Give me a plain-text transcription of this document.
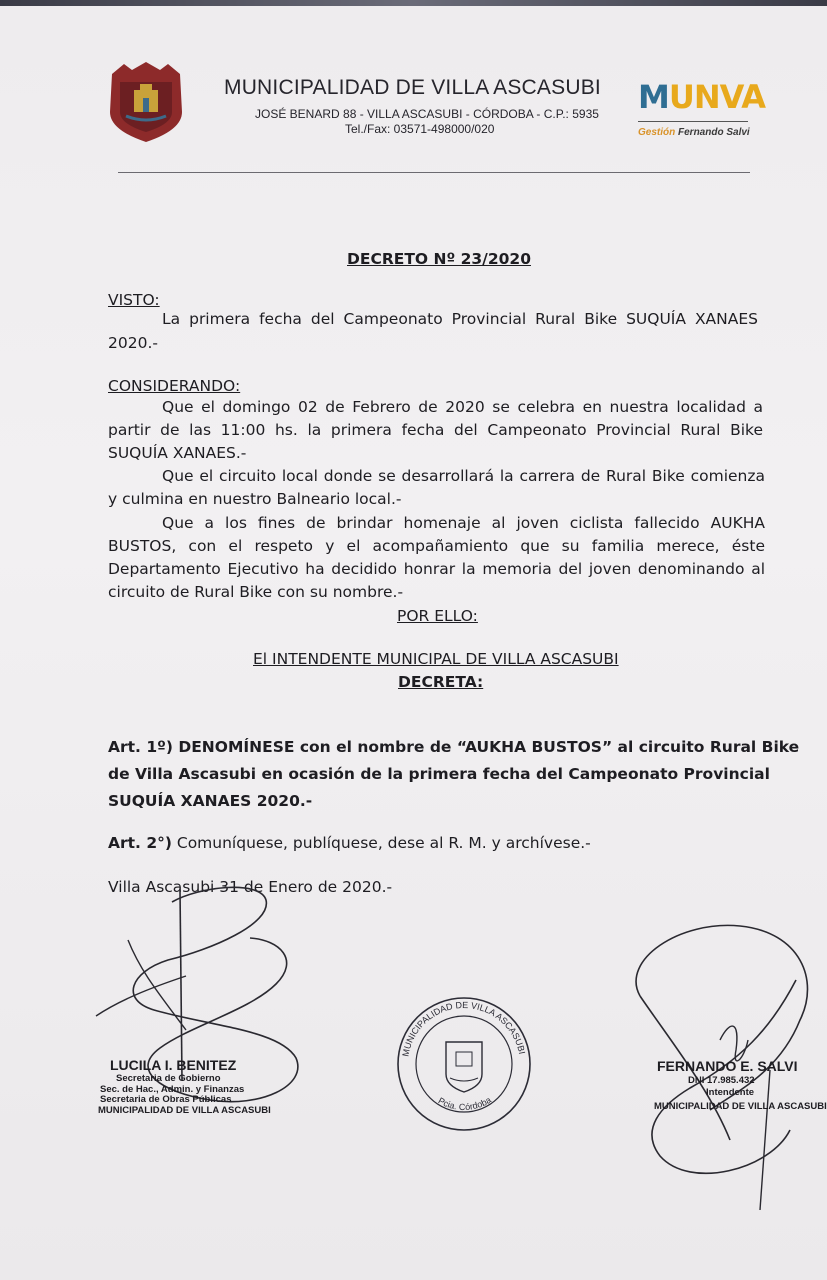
MUNICIPALIDAD DE VILLA ASCASUBI
JOSÉ BENARD 88 - VILLA ASCASUBI - CÓRDOBA - C.P.: 5935
Tel./Fax: 03571-498000/020
MUNVA
Gestión Fernando Salvi
DECRETO Nº 23/2020
VISTO:
La primera fecha del Campeonato Provincial Rural Bike SUQUÍA XANAES
2020.-
CONSIDERANDO:
Que el domingo 02 de Febrero de 2020 se celebra en nuestra localidad a
partir de las 11:00 hs. la primera fecha del Campeonato Provincial Rural Bike
SUQUÍA XANAES.-
Que el circuito local donde se desarrollará la carrera de Rural Bike comienza
y culmina en nuestro Balneario local.-
Que a los fines de brindar homenaje al joven ciclista fallecido AUKHA
BUSTOS, con el respeto y el acompañamiento que su familia merece, éste
Departamento Ejecutivo ha decidido honrar la memoria del joven denominando al
circuito de Rural Bike con su nombre.-
POR ELLO:
El INTENDENTE MUNICIPAL DE VILLA ASCASUBI
DECRETA:
Art. 1º) DENOMÍNESE con el nombre de “AUKHA BUSTOS” al circuito Rural Bike
de Villa Ascasubi en ocasión de la primera fecha del Campeonato Provincial
SUQUÍA XANAES 2020.-
Art. 2°) Comuníquese, publíquese, dese al R. M. y archívese.-
Villa Ascasubi 31 de Enero de 2020.-
LUCILA I. BENITEZ
Secretaria de Gobierno
Sec. de Hac., Admin. y Finanzas
Secretaria de Obras Públicas
MUNICIPALIDAD DE VILLA ASCASUBI
MUNICIPALIDAD DE VILLA ASCASUBI
Pcia. Córdoba
FERNANDO E. SALVI
DNI 17.985.432
Intendente
MUNICIPALIDAD DE VILLA ASCASUBI
